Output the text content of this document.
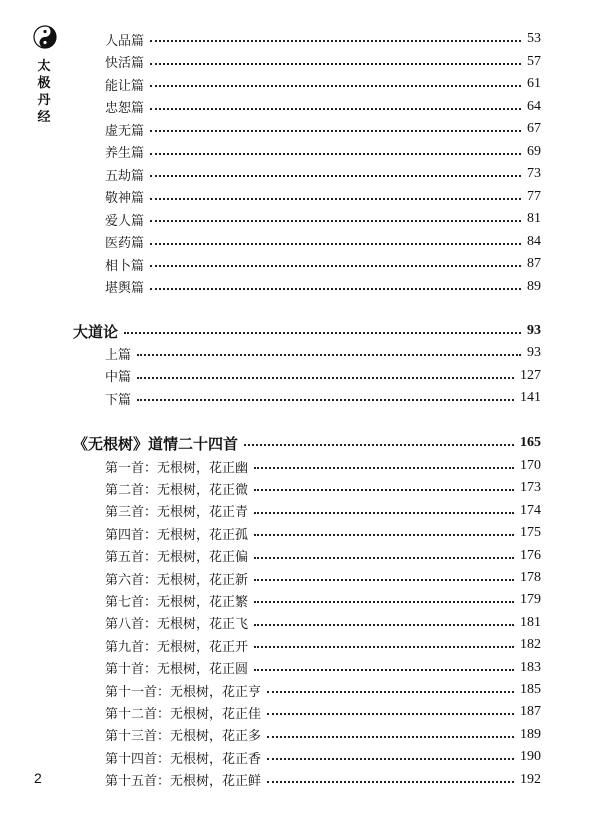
太
极
丹
经
人品篇	53
快活篇	57
能让篇	61
忠恕篇	64
虚无篇	67
养生篇	69
五劫篇	73
敬神篇	77
爱人篇	81
医药篇	84
相卜篇	87
堪舆篇	89
大道论	93
上篇	93
中篇	127
下篇	141
《无根树》道情二十四首	165
第一首：无根树，花正幽	170
第二首：无根树，花正微	173
第三首：无根树，花正青	174
第四首：无根树，花正孤	175
第五首：无根树，花正偏	176
第六首：无根树，花正新	178
第七首：无根树，花正繁	179
第八首：无根树，花正飞	181
第九首：无根树，花正开	182
第十首：无根树，花正圆	183
第十一首：无根树，花正亨	185
第十二首：无根树，花正佳	187
第十三首：无根树，花正多	189
第十四首：无根树，花正香	190
第十五首：无根树，花正鲜	192
2
